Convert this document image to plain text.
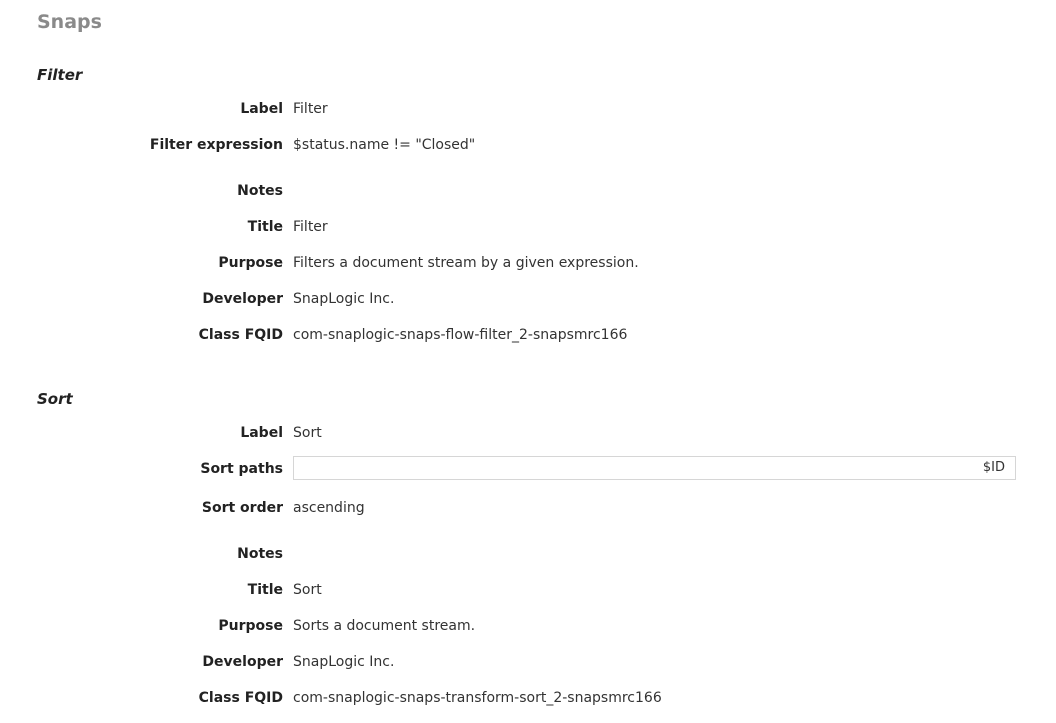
Snaps
Filter
Label Filter
Filter expression $status.name != "Closed"
Notes
Title Filter
Purpose Filters a document stream by a given expression.
Developer SnapLogic Inc.
Class FQID com-snaplogic-snaps-flow-filter_2-snapsmrc166
Sort
Label Sort
Sort paths	$ID
Sort order ascending
Notes
Title Sort
Purpose Sorts a document stream.
Developer SnapLogic Inc.
Class FQID com-snaplogic-snaps-transform-sort_2-snapsmrc166
